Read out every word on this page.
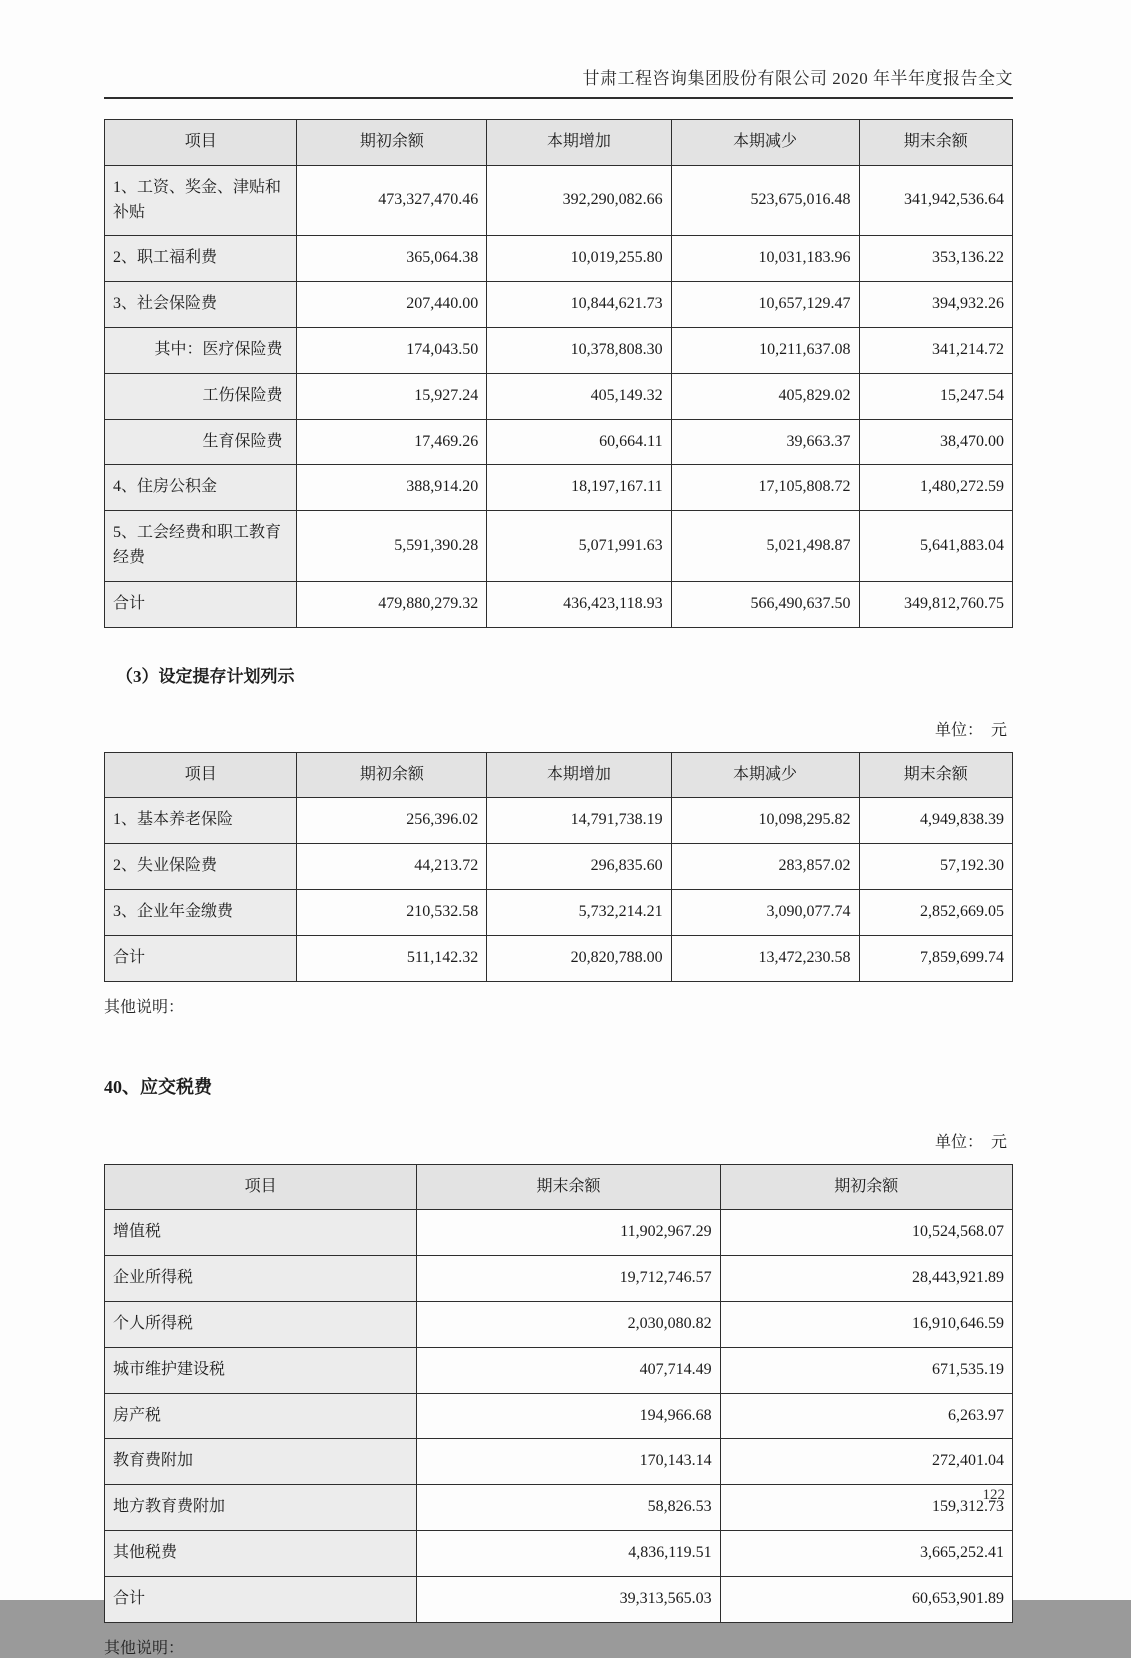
甘肃工程咨询集团股份有限公司 2020 年半年度报告全文
项目	期初余额	本期增加	本期减少	期末余额
1、工资、奖金、津贴和补贴	473,327,470.46	392,290,082.66	523,675,016.48	341,942,536.64
2、职工福利费	365,064.38	10,019,255.80	10,031,183.96	353,136.22
3、社会保险费	207,440.00	10,844,621.73	10,657,129.47	394,932.26
其中：医疗保险费	174,043.50	10,378,808.30	10,211,637.08	341,214.72
工伤保险费	15,927.24	405,149.32	405,829.02	15,247.54
生育保险费	17,469.26	60,664.11	39,663.37	38,470.00
4、住房公积金	388,914.20	18,197,167.11	17,105,808.72	1,480,272.59
5、工会经费和职工教育经费	5,591,390.28	5,071,991.63	5,021,498.87	5,641,883.04
合计	479,880,279.32	436,423,118.93	566,490,637.50	349,812,760.75
（3）设定提存计划列示
单位：  元
项目	期初余额	本期增加	本期减少	期末余额
1、基本养老保险	256,396.02	14,791,738.19	10,098,295.82	4,949,838.39
2、失业保险费	44,213.72	296,835.60	283,857.02	57,192.30
3、企业年金缴费	210,532.58	5,732,214.21	3,090,077.74	2,852,669.05
合计	511,142.32	20,820,788.00	13,472,230.58	7,859,699.74
其他说明：
40、应交税费
单位：  元
项目	期末余额	期初余额
增值税	11,902,967.29	10,524,568.07
企业所得税	19,712,746.57	28,443,921.89
个人所得税	2,030,080.82	16,910,646.59
城市维护建设税	407,714.49	671,535.19
房产税	194,966.68	6,263.97
教育费附加	170,143.14	272,401.04
地方教育费附加	58,826.53	159,312.73
其他税费	4,836,119.51	3,665,252.41
合计	39,313,565.03	60,653,901.89
其他说明：
122
